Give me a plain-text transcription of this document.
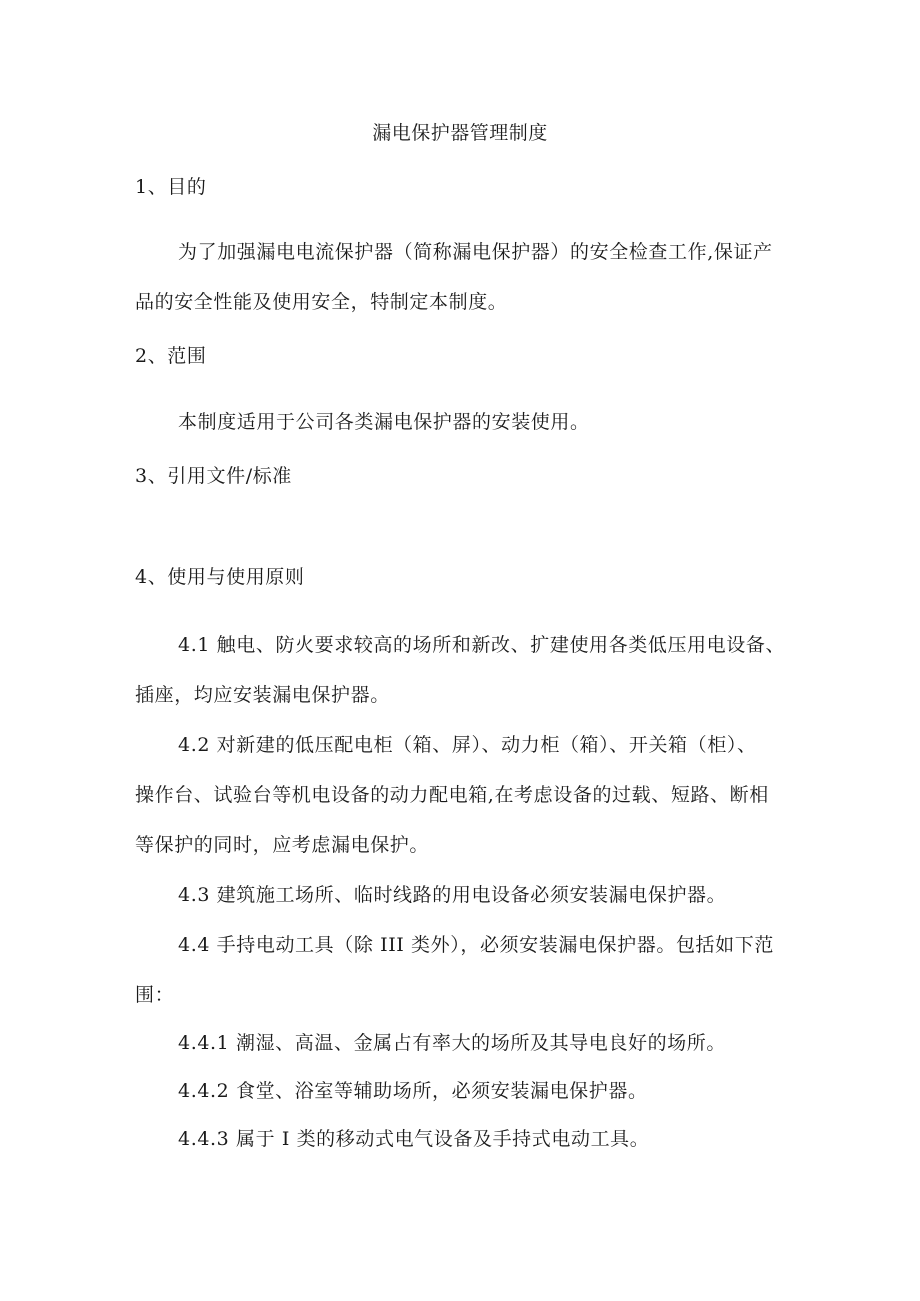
漏电保护器管理制度
1、目的
为了加强漏电电流保护器（简称漏电保护器）的安全检查工作,保证产
品的安全性能及使用安全，特制定本制度。
2、范围
本制度适用于公司各类漏电保护器的安装使用。
3、引用文件/标准
4、使用与使用原则
4.1 触电、防火要求较高的场所和新改、扩建使用各类低压用电设备、
插座，均应安装漏电保护器。
4.2 对新建的低压配电柜（箱、屏）、动力柜（箱）、开关箱（柜）、
操作台、试验台等机电设备的动力配电箱,在考虑设备的过载、短路、断相
等保护的同时，应考虑漏电保护。
4.3 建筑施工场所、临时线路的用电设备必须安装漏电保护器。
4.4 手持电动工具（除 III 类外），必须安装漏电保护器。包括如下范
围：
4.4.1 潮湿、高温、金属占有率大的场所及其导电良好的场所。
4.4.2 食堂、浴室等辅助场所，必须安装漏电保护器。
4.4.3 属于 I 类的移动式电气设备及手持式电动工具。
